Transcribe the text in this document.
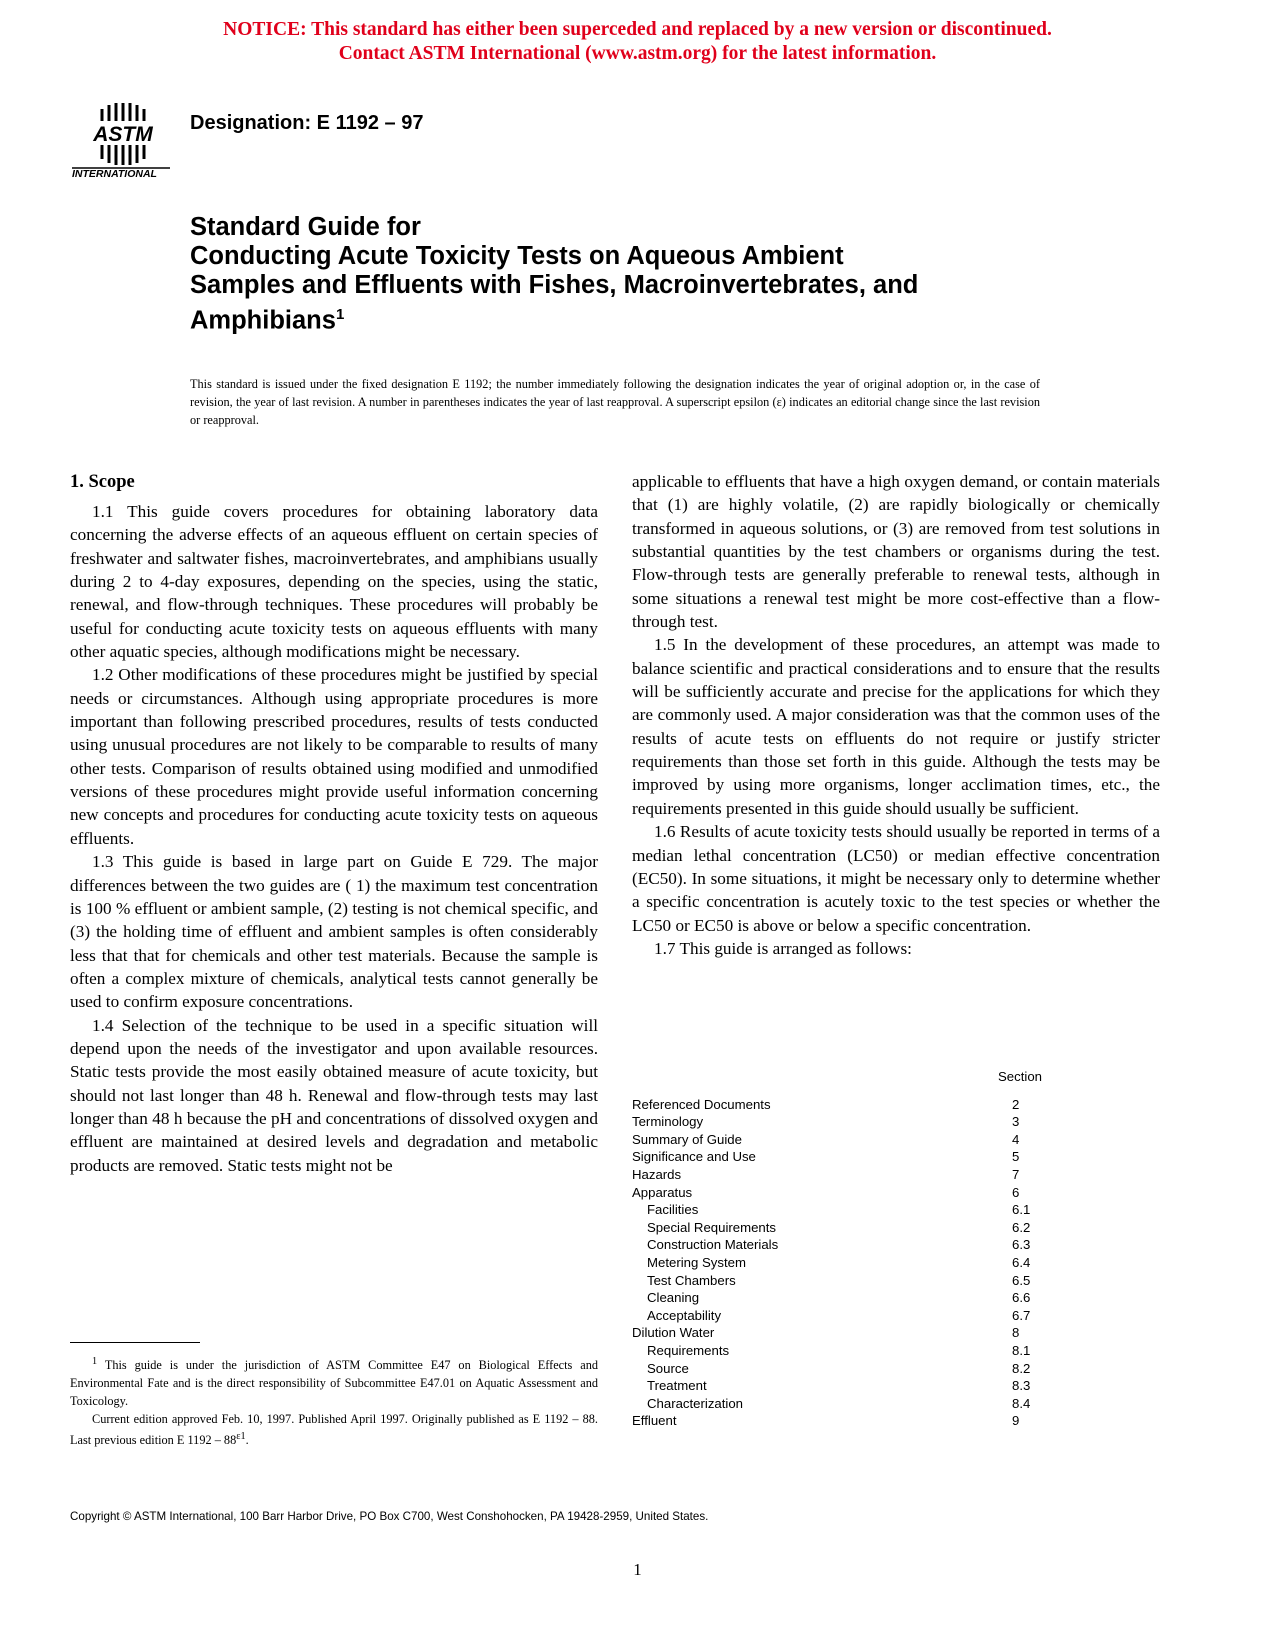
NOTICE: This standard has either been superceded and replaced by a new version or discontinued.
Contact ASTM International (www.astm.org) for the latest information.
ASTM
INTERNATIONAL
Designation: E 1192 – 97
Standard Guide for
Conducting Acute Toxicity Tests on Aqueous Ambient
Samples and Effluents with Fishes, Macroinvertebrates, and
Amphibians$^1$
This standard is issued under the fixed designation E 1192; the number immediately following the designation indicates the year of original adoption or, in the case of revision, the year of last revision. A number in parentheses indicates the year of last reapproval. A superscript epsilon (ε) indicates an editorial change since the last revision or reapproval.
1. Scope

1.1 This guide covers procedures for obtaining laboratory data concerning the adverse effects of an aqueous effluent on certain species of freshwater and saltwater fishes, macroinvertebrates, and amphibians usually during 2 to 4-day exposures, depending on the species, using the static, renewal, and flow-through techniques. These procedures will probably be useful for conducting acute toxicity tests on aqueous effluents with many other aquatic species, although modifications might be necessary.

1.2 Other modifications of these procedures might be justified by special needs or circumstances. Although using appropriate procedures is more important than following prescribed procedures, results of tests conducted using unusual procedures are not likely to be comparable to results of many other tests. Comparison of results obtained using modified and unmodified versions of these procedures might provide useful information concerning new concepts and procedures for conducting acute toxicity tests on aqueous effluents.

1.3 This guide is based in large part on Guide E 729. The major differences between the two guides are ( 1) the maximum test concentration is 100 % effluent or ambient sample, (2) testing is not chemical specific, and (3) the holding time of effluent and ambient samples is often considerably less that that for chemicals and other test materials. Because the sample is often a complex mixture of chemicals, analytical tests cannot generally be used to confirm exposure concentrations.

1.4 Selection of the technique to be used in a specific situation will depend upon the needs of the investigator and upon available resources. Static tests provide the most easily obtained measure of acute toxicity, but should not last longer than 48 h. Renewal and flow-through tests may last longer than 48 h because the pH and concentrations of dissolved oxygen and effluent are maintained at desired levels and degradation and metabolic products are removed. Static tests might not be

applicable to effluents that have a high oxygen demand, or contain materials that (1) are highly volatile, (2) are rapidly biologically or chemically transformed in aqueous solutions, or (3) are removed from test solutions in substantial quantities by the test chambers or organisms during the test. Flow-through tests are generally preferable to renewal tests, although in some situations a renewal test might be more cost-effective than a flow-through test.

1.5 In the development of these procedures, an attempt was made to balance scientific and practical considerations and to ensure that the results will be sufficiently accurate and precise for the applications for which they are commonly used. A major consideration was that the common uses of the results of acute tests on effluents do not require or justify stricter requirements than those set forth in this guide. Although the tests may be improved by using more organisms, longer acclimation times, etc., the requirements presented in this guide should usually be sufficient.

1.6 Results of acute toxicity tests should usually be reported in terms of a median lethal concentration (LC50) or median effective concentration (EC50). In some situations, it might be necessary only to determine whether a specific concentration is acutely toxic to the test species or whether the LC50 or EC50 is above or below a specific concentration.

1.7 This guide is arranged as follows:

Section
Referenced Documents	2
Terminology	3
Summary of Guide	4
Significance and Use	5
Hazards	7
Apparatus	6
Facilities	6.1
Special Requirements	6.2
Construction Materials	6.3
Metering System	6.4
Test Chambers	6.5
Cleaning	6.6
Acceptability	6.7
Dilution Water	8
Requirements	8.1
Source	8.2
Treatment	8.3
Characterization	8.4
Effluent	9

$^1$ This guide is under the jurisdiction of ASTM Committee E47 on Biological Effects and Environmental Fate and is the direct responsibility of Subcommittee E47.01 on Aquatic Assessment and Toxicology.

Current edition approved Feb. 10, 1997. Published April 1997. Originally published as E 1192 – 88. Last previous edition E $1192 - 88^{\varepsilon 1}$.

Copyright © ASTM International, 100 Barr Harbor Drive, PO Box C700, West Conshohocken, PA 19428-2959, United States.
1
